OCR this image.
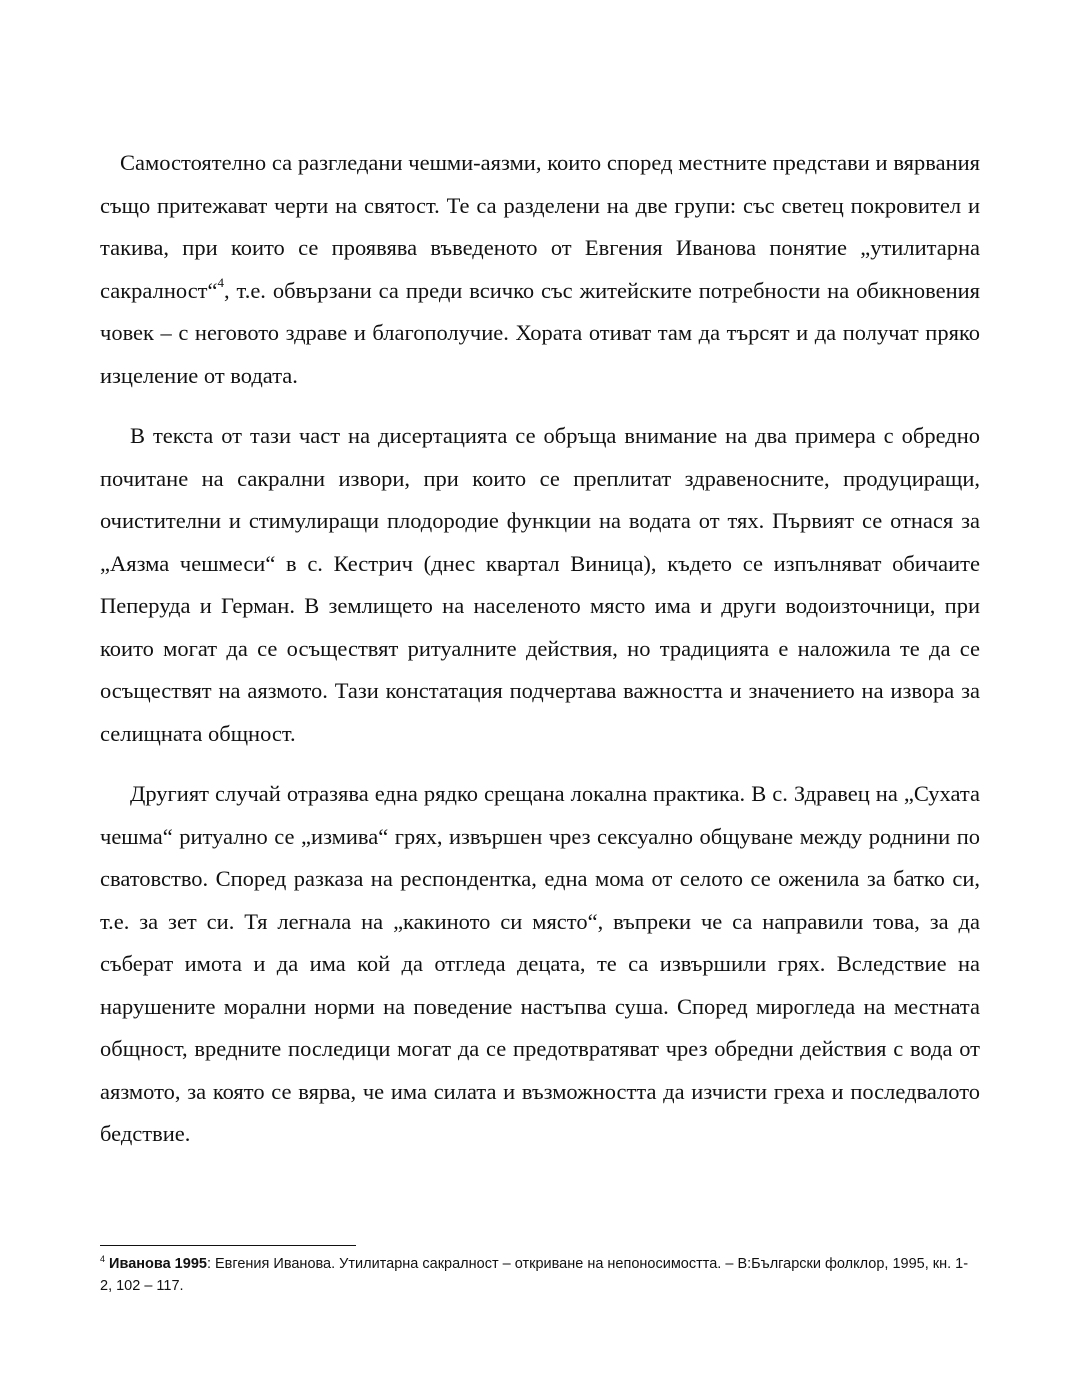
Самостоятелно са разгледани чешми-аязми, които според местните представи и вярвания също притежават черти на святост. Те са разделени на две групи: със светец покровител и такива, при които се проявява въведеното от Евгения Иванова понятие „утилитарна сакралност“$^4$, т.е. обвързани са преди всичко със житейските потребности на обикновения човек – с неговото здраве и благополучие. Хората отиват там да търсят и да получат пряко изцеление от водата.

В текста от тази част на дисертацията се обръща внимание на два примера с обредно почитане на сакрални извори, при които се преплитат здравеносните, продуциращи, очистителни и стимулиращи плодородие функции на водата от тях. Първият се отнася за „Аязма чешмеси“ в с. Кестрич (днес квартал Виница), където се изпълняват обичаите Пеперуда и Герман. В землището на населеното място има и други водоизточници, при които могат да се осъществят ритуалните действия, но традицията е наложила те да се осъществят на аязмото. Тази констатация подчертава важността и значението на извора за селищната общност.

Другият случай отразява една рядко срещана локална практика. В с. Здравец на „Сухата чешма“ ритуално се „измива“ грях, извършен чрез сексуално общуване между роднини по сватовство. Според разказа на респондентка, една мома от селото се оженила за батко си, т.е. за зет си. Тя легнала на „какиното си място“, въпреки че са направили това, за да съберат имота и да има кой да отгледа децата, те са извършили грях. Вследствие на нарушените морални норми на поведение настъпва суша. Според мирогледа на местната общност, вредните последици могат да се предотвратяват чрез обредни действия с вода от аязмото, за която се вярва, че има силата и възможността да изчисти греха и последвалото бедствие.

$^4$ Иванова 1995: Евгения Иванова. Утилитарна сакралност – откриване на непоносимостта. – В:Български фолклор, 1995, кн. 1-2, 102 – 117.
